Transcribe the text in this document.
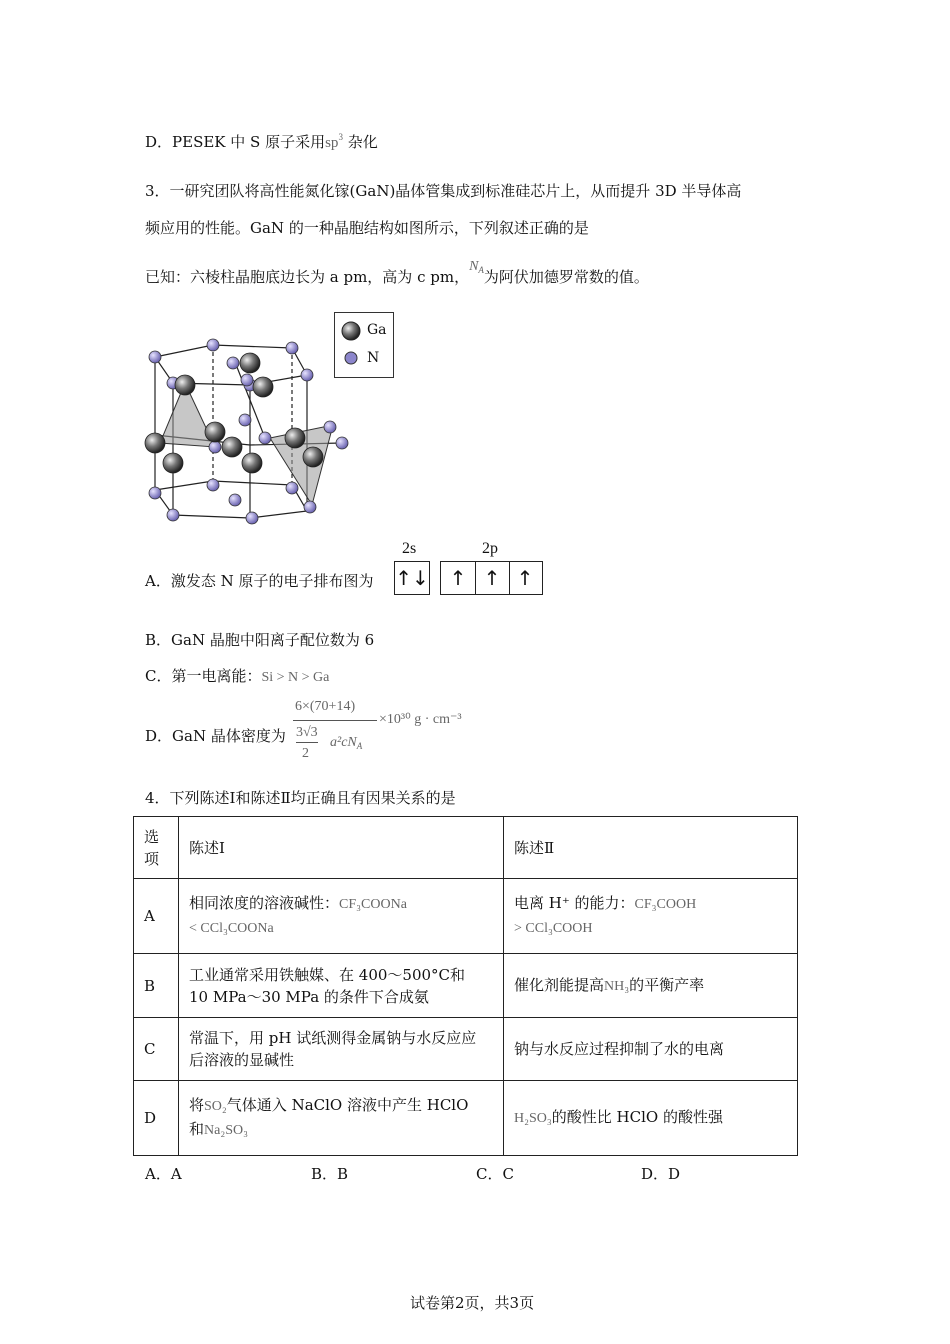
D．PESEK 中 S 原子采用$sp^3$ 杂化
3．一研究团队将高性能氮化镓(GaN)晶体管集成到标准硅芯片上，从而提升 3D 半导体高
频应用的性能。GaN 的一种晶胞结构如图所示，下列叙述正确的是
已知：六棱柱晶胞底边长为 a pm，高为 c pm，$N_A$为阿伏加德罗常数的值。
Ga
N
A．激发态 N 原子的电子排布图为
2s	2p
↑↓	↑ ↑ ↑
B．GaN 晶胞中阳离子配位数为 6
C．第一电离能：Si > N > Ga
D．GaN 晶体密度为
6×(70+14)
3√3
2
$a^2cN_A$
×10³⁰ g · cm⁻³
4．下列陈述Ⅰ和陈述Ⅱ均正确且有因果关系的是
选
项	陈述Ⅰ	陈述Ⅱ
A	相同浓度的溶液碱性：CF₃COONa
< CCl₃COONa	电离 H⁺ 的能力：CF₃COOH
> CCl₃COOH
B	工业通常采用铁触媒、在 400～500°C和
10 MPa～30 MPa 的条件下合成氨	催化剂能提高NH₃的平衡产率
C	常温下，用 pH 试纸测得金属钠与水反应应
后溶液的显碱性	钠与水反应过程抑制了水的电离
D	将SO₂气体通入 NaClO 溶液中产生 HClO
和Na₂SO₃	H₂SO₃的酸性比 HClO 的酸性强
A．A	B．B	C．C	D．D
试卷第2页，共3页
